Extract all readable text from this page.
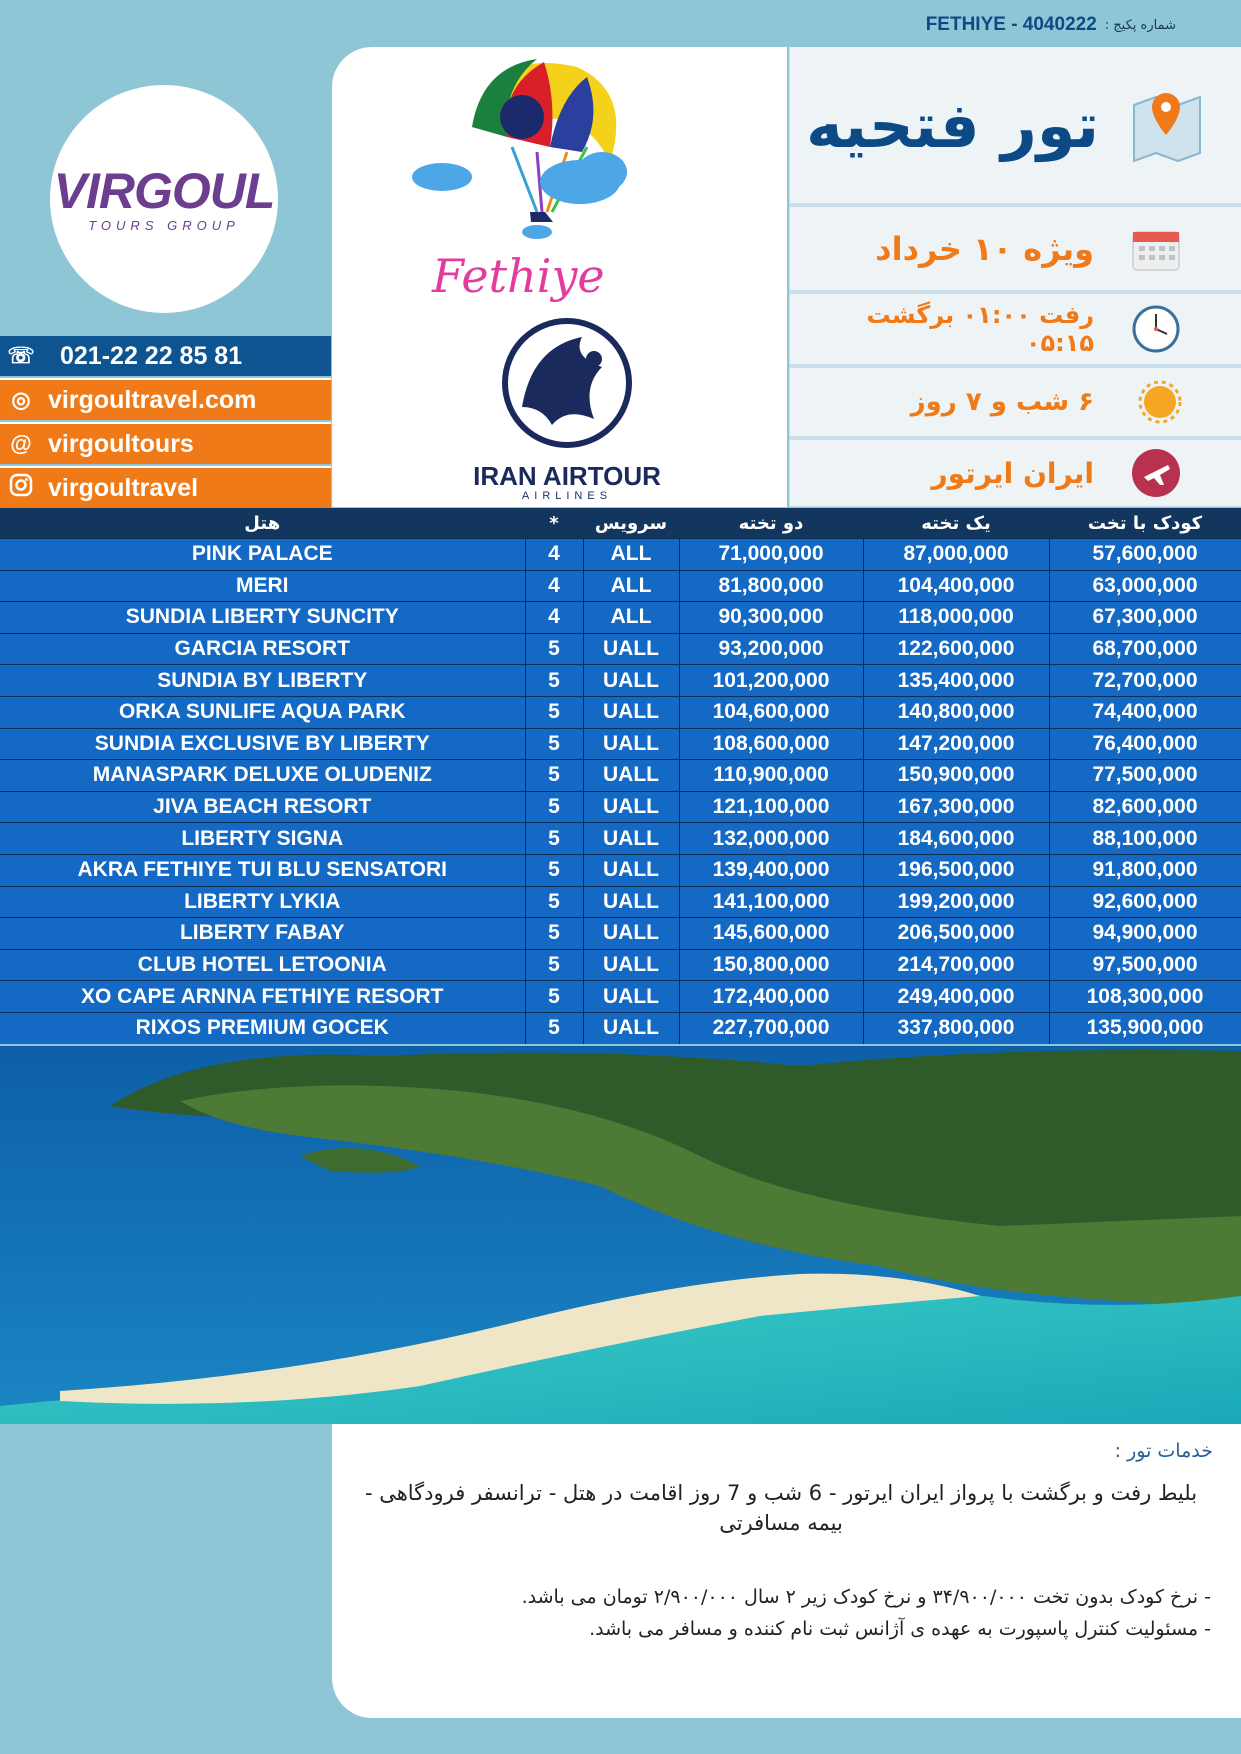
FETHIYE - 4040222 شماره پکیج :
Fethiye
IRAN AIRTOUR
AIRLINES
VIRGOUL
TOURS GROUP
☏	021-22 22 85 81
◎ virgoultravel.com
@ virgoultours
virgoultravel
تور فتحیه
ویژه ۱۰ خرداد
رفت ۰۱:۰۰ برگشت ۰۵:۱۵
۶ شب و ۷ روز
ایران ایرتور
هتل	*	سرویس	دو تخته	یک تخته	کودک با تخت
PINK PALACE	4	ALL	71,000,000	87,000,000	57,600,000
MERI	4	ALL	81,800,000	104,400,000	63,000,000
SUNDIA LIBERTY SUNCITY	4	ALL	90,300,000	118,000,000	67,300,000
GARCIA RESORT	5	UALL	93,200,000	122,600,000	68,700,000
SUNDIA BY LIBERTY	5	UALL	101,200,000	135,400,000	72,700,000
ORKA SUNLIFE AQUA PARK	5	UALL	104,600,000	140,800,000	74,400,000
SUNDIA EXCLUSIVE BY LIBERTY	5	UALL	108,600,000	147,200,000	76,400,000
MANASPARK DELUXE OLUDENIZ	5	UALL	110,900,000	150,900,000	77,500,000
JIVA BEACH RESORT	5	UALL	121,100,000	167,300,000	82,600,000
LIBERTY SIGNA	5	UALL	132,000,000	184,600,000	88,100,000
AKRA FETHIYE TUI BLU SENSATORI	5	UALL	139,400,000	196,500,000	91,800,000
LIBERTY LYKIA	5	UALL	141,100,000	199,200,000	92,600,000
LIBERTY FABAY	5	UALL	145,600,000	206,500,000	94,900,000
CLUB HOTEL LETOONIA	5	UALL	150,800,000	214,700,000	97,500,000
XO CAPE ARNNA FETHIYE RESORT	5	UALL	172,400,000	249,400,000	108,300,000
RIXOS PREMIUM GOCEK	5	UALL	227,700,000	337,800,000	135,900,000
خدمات تور :
بلیط رفت و برگشت با پرواز ایران ایرتور - 6 شب و 7 روز اقامت در هتل - ترانسفر فرودگاهی - بیمه مسافرتی
- نرخ کودک بدون تخت ۳۴/۹۰۰/۰۰۰ و نرخ کودک زیر ۲ سال ۲/۹۰۰/۰۰۰ تومان می باشد.
- مسئولیت کنترل پاسپورت به عهده ی آژانس ثبت نام کننده و مسافر می باشد.
